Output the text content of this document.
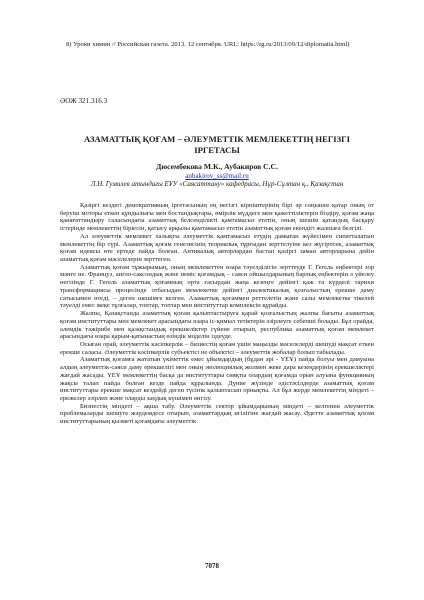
8) Уроки химии // Российская газета. 2013. 12 сентября. URL: https://rg.ru/2013/09/12/diplomatia.html)
ӘОЖ 321.316.3
АЗАМАТТЫҚ ҚОҒАМ – ӘЛЕУМЕТТІК МЕМЛЕКЕТТІҢ НЕГІЗГІ
ІРГЕТАСЫ
Дюсембекова М.К., Аубакиров С.С.
aubakirov_ss@mail.ru
Л.Н. Гумилев атындағы ЕҰУ «Саясаттану» кафедрасы, Нұр-Сұлтан қ., Қазақстан

Қазіргі кездегі демократияның іргетасының ең негізгі кірпіштерінің бірі әр соңынан қатар оның от беруіш моторы еткен құндылығы мен бостандықтары, өмірлік мүддеге мен қажеттіліктерін біздіру, қоғам жаңа қанағаттандыру саласындағы азаматтық белсенділікті қамтамасыз ететін, оның шешім қатандық басқару істерінде мемлекеттің біріесін, қатысу арқылы қамтамасыз ететін азаматтық қоғам екендігі жалпыға белгілі.

Ал әлеуметтік мемлекет халықты әлеуметтік қамтамасыз етудің дамыған жүйесімен сипатталатын мемлекеттің бір түрі. Азаматтық қоғам генезисінің теориялық тұрғыдан зерттелуіне кез жүгіртсек, азаматтық қоғам идеясы өте ертеде пайда болған. Антикалық авторлардан бастап қазіргі заман авторларына дейін азаматтық қоғам мәселелерін зерттеген.

Азаматтық қоғам тұжырымың, оның мемлекеттен өзара тәуелділігін зерттеуде Г. Гегель еңбектері зор мәнге ие. Француз, англо-саксондық және неміс қоғамдық – саяси ойшылдарының барлық еңбектерін ә уйелеу негізінде Г. Гегель азаматтық қоғамның орта ғасырдан жаңа кезеңге дейінгі қаж та күрделі тарихи трансформациясы процесінде отбасыдан мемлекетке дейінгі диалектикалық қозғалыстың ерекше даму сатысымен өтеді, – деген шешімге келген. Азаматтық қоғаммен реттелетін және салы мемлекетке тікелей тәуелді емес жеке тұлғалар, топтар, топтар мен институттар комплексін құрайды.

Жалпы, Қазақстанда азаматтық қоғам қалыптастыруға қарай қозғалыстың жалпы бағыты азаматтық қоғам институттары мен мемлекет арасындағы өзара іс-қимыл тетіктерін әзірлеуге себепші болады. Бұл орайда, алемдік тәжірибе мен қазақстандық ерекшеліктер сүйене отырып, республика азаматтық қоғам мемлекет арасындағы өзара қарым-қатынастың өзіндік моделін іздеуде.

Осыған орай, әлеуметтік кәсіпкерлік – бизнестің қоғам үшін маңызды мәселелерді шешуді мақсат еткен ерекше саласы. Әлеуметтік кәсіпкерлік субъектісі не объектісі – әлеуметтік жобалар болып табылады.

Азаматтық қоғамға жататын үкіметтік емес ұйымдардың (бұдан әрі - ҮЕҰ) пайда болуы мен дамуына алдың әлеуметтік-саяси даму ерекшелігі мен оның эволюциялық жолмен жеке дара кезеңдерінің ерекшеліктері жағдай жасады. ҮЕҰ мемлекеттің басқа да институттары сияқты олардың қоғамда орын алуына функцияның жақсы талап пайда болған кезде пайда құралында. Дүние жүзінде әдістәсілдерде азаматтық қоғам институттары ерекше мақсат кездейді деген түсінік қалыптасып орнықты. Ал бұл жерде мемлекеттің міндеті – ережелер әзірлеп және оларды заңдық күшімен өнгізу.

Бизнестің міндеті – ақша табу. Әлеуметтік сектор ұйымдарының міндеті – келгенеи әлеуметтік проблемаларды шешуге жәрдемдесе отырып, азаматтардың игілігіне жағдай жасау. Әдетте азаматтық қоғам институттарының қызметі қоғамдағы әлеуметтік

7078
